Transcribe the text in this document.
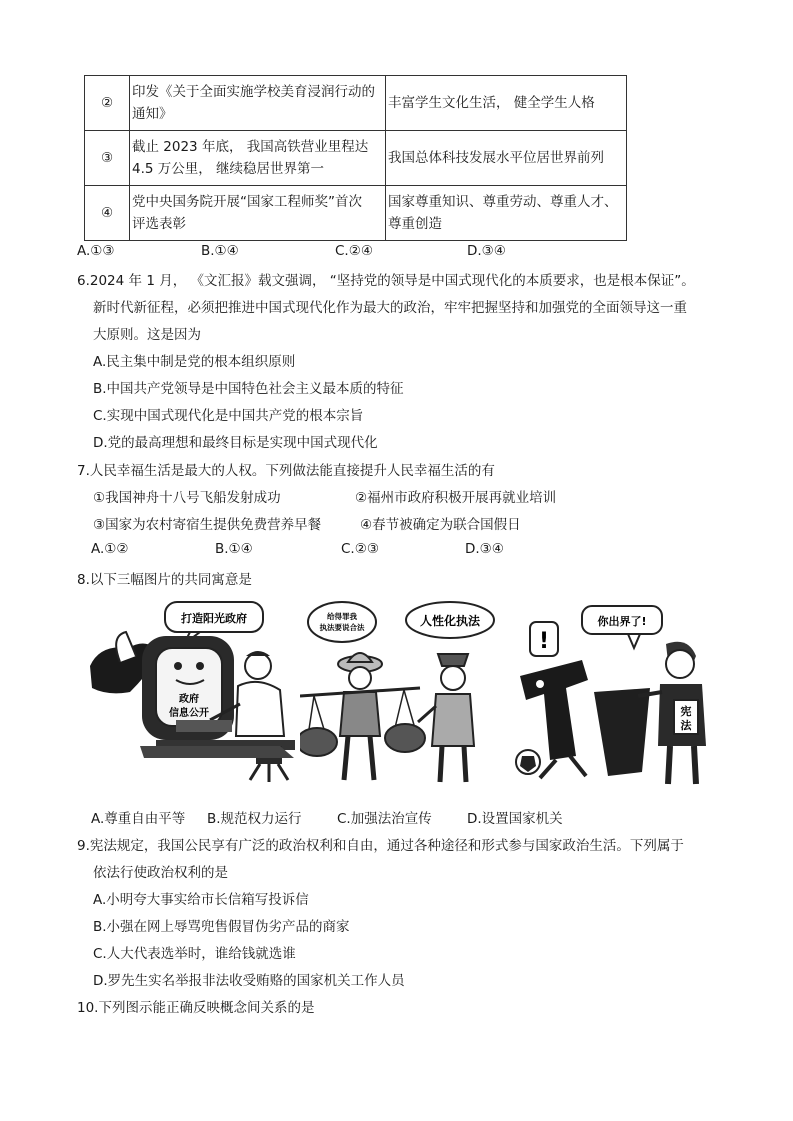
②	印发《关于全面实施学校美育浸润行动的
通知》	丰富学生文化生活， 健全学生人格
③	截止 2023 年底， 我国高铁营业里程达
4.5 万公里， 继续稳居世界第一	我国总体科技发展水平位居世界前列
④	党中央国务院开展“国家工程师奖”首次
评选表彰	国家尊重知识、尊重劳动、尊重人才、
尊重创造
A.①③	B.①④	C.②④	D.③④
6.2024 年 1 月， 《文汇报》载文强调， “坚持党的领导是中国式现代化的本质要求，也是根本保证”。
新时代新征程，必须把推进中国式现代化作为最大的政治，牢牢把握坚持和加强党的全面领导这一重
大原则。这是因为
A.民主集中制是党的根本组织原则
B.中国共产党领导是中国特色社会主义最本质的特征
C.实现中国式现代化是中国共产党的根本宗旨
D.党的最高理想和最终目标是实现中国式现代化
7.人民幸福生活是最大的人权。下列做法能直接提升人民幸福生活的有
①我国神舟十八号飞船发射成功	②福州市政府积极开展再就业培训
③国家为农村寄宿生提供免费营养早餐	④春节被确定为联合国假日
A.①②	B.①④	C.②③	D.③④
8.以下三幅图片的共同寓意是
打造阳光政府
政府
信息公开
给得罪我
执法要说合法	人性化执法
!
你出界了!
宪
法
A.尊重自由平等 B.规范权力运行	C.加强法治宣传	D.设置国家机关
9.宪法规定，我国公民享有广泛的政治权利和自由，通过各种途径和形式参与国家政治生活。下列属于
依法行使政治权利的是
A.小明夸大事实给市长信箱写投诉信
B.小强在网上辱骂兜售假冒伪劣产品的商家
C.人大代表选举时，谁给钱就选谁
D.罗先生实名举报非法收受贿赂的国家机关工作人员
10.下列图示能正确反映概念间关系的是
